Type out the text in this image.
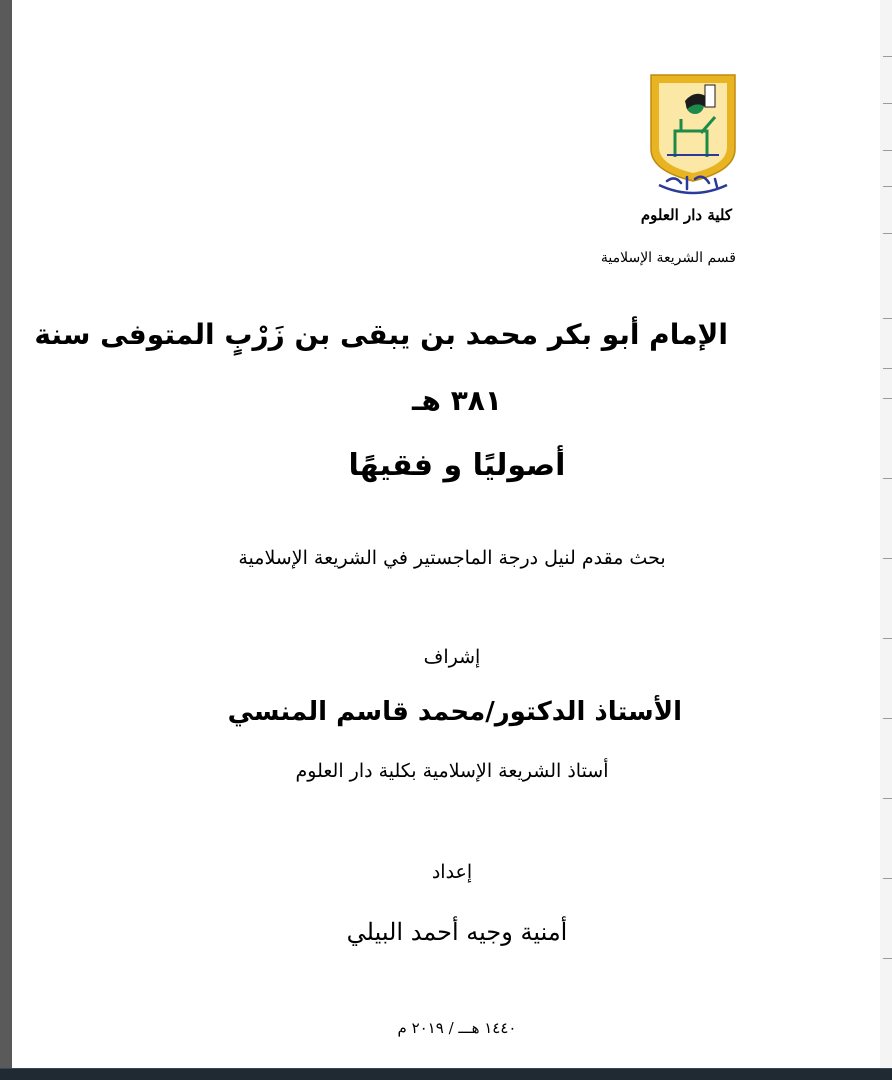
كلية دار العلوم
قسم الشريعة الإسلامية
الإمام أبو بكر محمد بن يبقى بن زَرْبٍ المتوفى سنة
٣٨١ هـ
أصوليًا و فقيهًا
بحث مقدم لنيل درجة الماجستير في الشريعة الإسلامية
إشراف
الأستاذ الدكتور/محمد قاسم المنسي
أستاذ الشريعة الإسلامية بكلية دار العلوم
إعداد
أمنية وجيه أحمد البيلي
١٤٤٠ هـــ / ٢٠١٩ م
